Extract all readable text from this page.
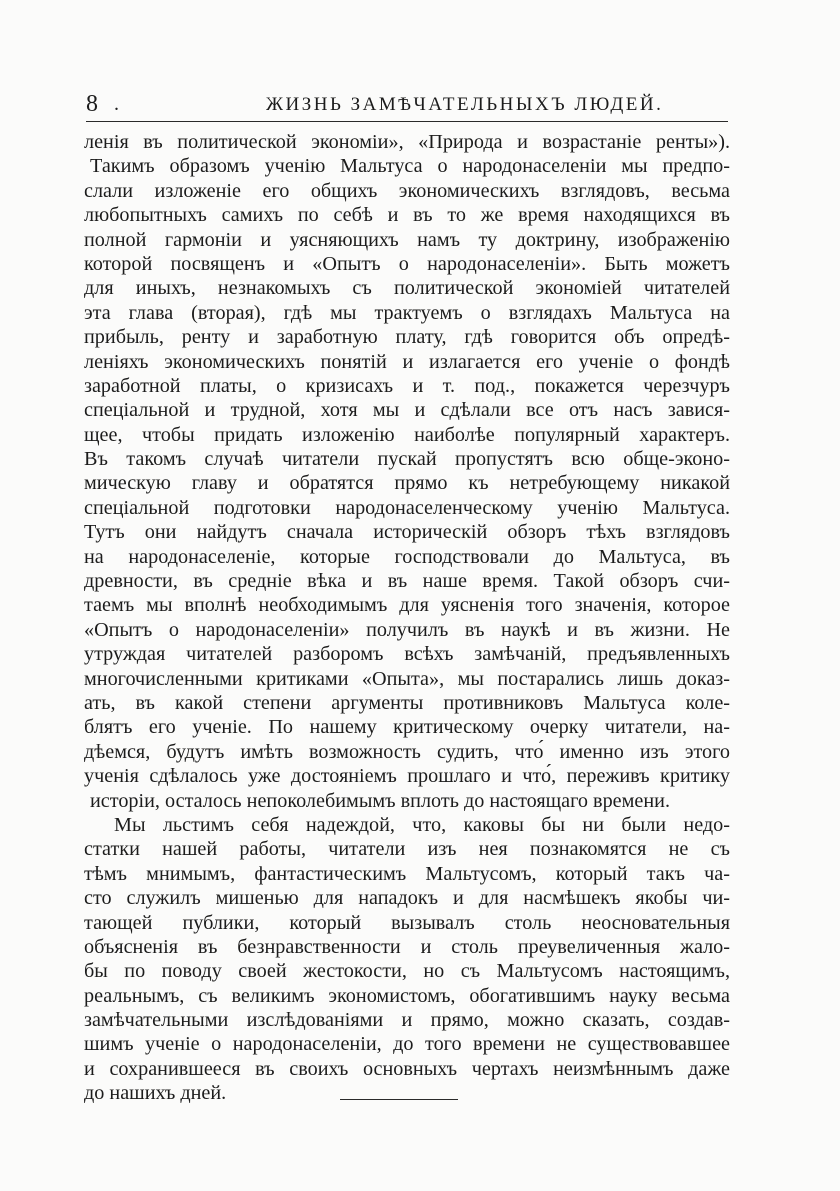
8 .	ЖИЗНЬ ЗАМѢЧАТЕЛЬНЫХЪ ЛЮДЕЙ.
ленія въ политической экономіи», «Природа и возрастаніе ренты»).
Такимъ образомъ ученію Мальтуса о народонаселеніи мы предпо-
слали изложеніе его общихъ экономическихъ взглядовъ, весьма
любопытныхъ самихъ по себѣ и въ то же время находящихся въ
полной гармоніи и уясняющихъ намъ ту доктрину, изображенію
которой посвященъ и «Опытъ о народонаселеніи». Быть можетъ
для иныхъ, незнакомыхъ съ политической экономіей читателей
эта глава (вторая), гдѣ мы трактуемъ о взглядахъ Мальтуса на
прибыль, ренту и заработную плату, гдѣ говорится объ опредѣ-
леніяхъ экономическихъ понятій и излагается его ученіе о фондѣ
заработной платы, о кризисахъ и т. под., покажется черезчуръ
спеціальной и трудной, хотя мы и сдѣлали все отъ насъ завися-
щее, чтобы придать изложенію наиболѣе популярный характеръ.
Въ такомъ случаѣ читатели пускай пропустятъ всю обще-эконо-
мическую главу и обратятся прямо къ нетребующему никакой
спеціальной подготовки народонаселенческому ученію Мальтуса.
Тутъ они найдутъ сначала историческій обзоръ тѣхъ взглядовъ
на народонаселеніе, которые господствовали до Мальтуса, въ
древности, въ средніе вѣка и въ наше время. Такой обзоръ счи-
таемъ мы вполнѣ необходимымъ для уясненія того значенія, которое
«Опытъ о народонаселеніи» получилъ въ наукѣ и въ жизни. Не
утруждая читателей разборомъ всѣхъ замѣчаній, предъявленныхъ
многочисленными критиками «Опыта», мы постарались лишь доказ-
ать, въ какой степени аргументы противниковъ Мальтуса коле-
блятъ его ученіе. По нашему критическому очерку читатели, на-
дѣемся, будутъ имѣть возможность судить, что́ именно изъ этого
ученія сдѣлалось уже достояніемъ прошлаго и что́, переживъ критику
исторіи, осталось непоколебимымъ вплоть до настоящаго времени.
Мы льстимъ себя надеждой, что, каковы бы ни были недо-
статки нашей работы, читатели изъ нея познакомятся не съ
тѣмъ мнимымъ, фантастическимъ Мальтусомъ, который такъ ча-
сто служилъ мишенью для нападокъ и для насмѣшекъ якобы чи-
тающей публики, который вызывалъ столь неосновательныя
объясненія въ безнравственности и столь преувеличенныя жало-
бы по поводу своей жестокости, но съ Мальтусомъ настоящимъ,
реальнымъ, съ великимъ экономистомъ, обогатившимъ науку весьма
замѣчательными изслѣдованіями и прямо, можно сказать, создав-
шимъ ученіе о народонаселеніи, до того времени не существовавшее
и сохранившееся въ своихъ основныхъ чертахъ неизмѣннымъ даже
до нашихъ дней.
